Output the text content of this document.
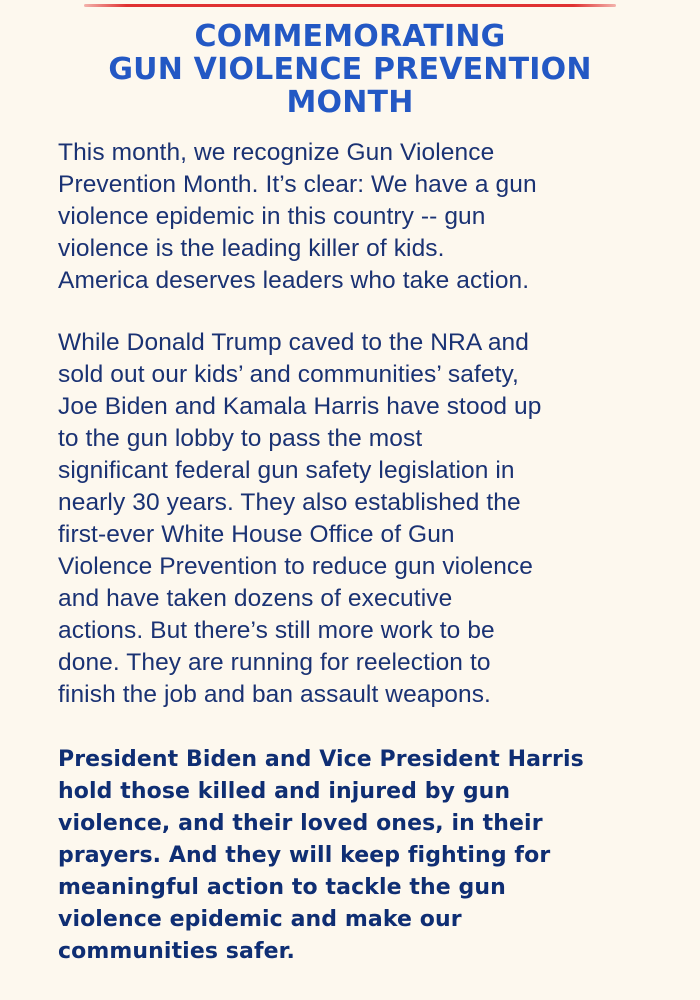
COMMEMORATING
GUN VIOLENCE PREVENTION
MONTH

This month, we recognize Gun Violence
Prevention Month. It’s clear: We have a gun
violence epidemic in this country -- gun
violence is the leading killer of kids.
America deserves leaders who take action.

While Donald Trump caved to the NRA and
sold out our kids’ and communities’ safety,
Joe Biden and Kamala Harris have stood up
to the gun lobby to pass the most
significant federal gun safety legislation in
nearly 30 years. They also established the
first-ever White House Office of Gun
Violence Prevention to reduce gun violence
and have taken dozens of executive
actions. But there’s still more work to be
done. They are running for reelection to
finish the job and ban assault weapons.

President Biden and Vice President Harris
hold those killed and injured by gun
violence, and their loved ones, in their
prayers. And they will keep fighting for
meaningful action to tackle the gun
violence epidemic and make our
communities safer.
